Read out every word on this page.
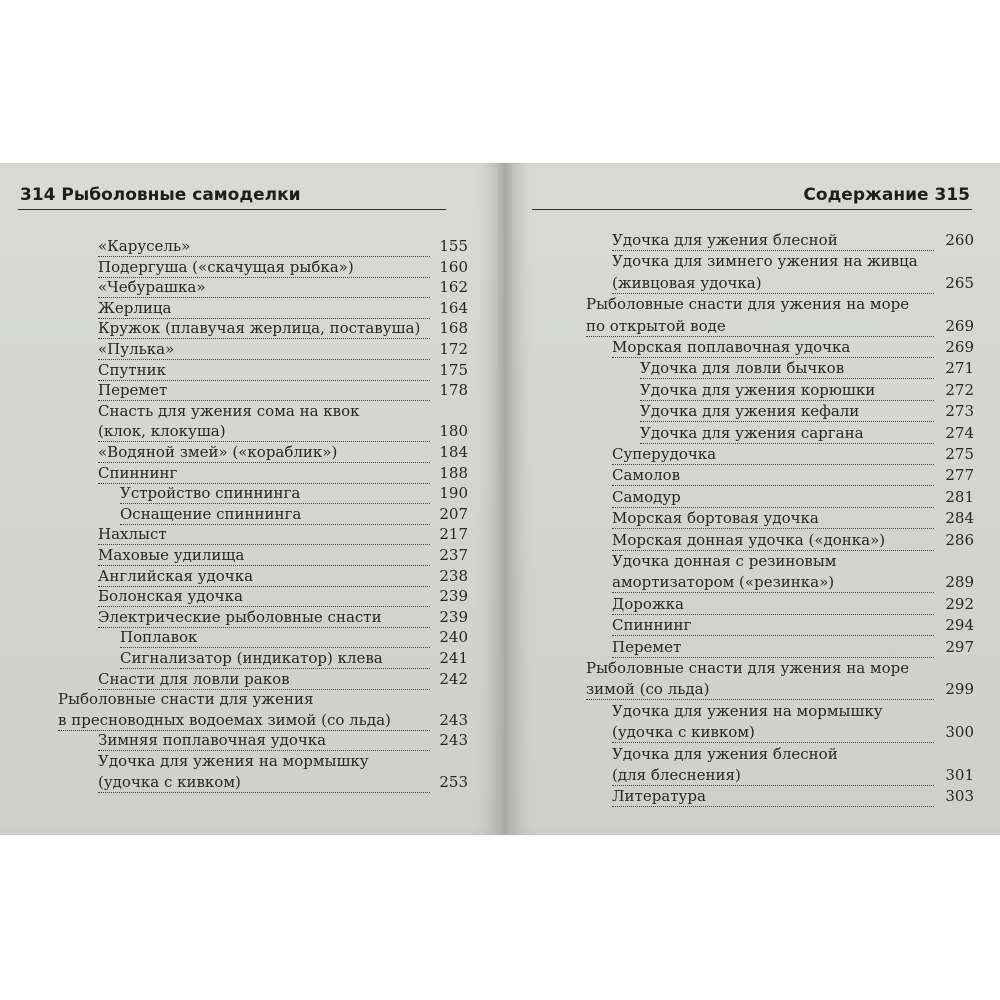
314 Рыболовные самоделки
«Карусель»	155
Подергуша («скачущая рыбка»)	160
«Чебурашка»	162
Жерлица	164
Кружок (плавучая жерлица, поставуша) 168
«Пулька»	172
Спутник	175
Перемет	178
Снасть для ужения сома на квок
(клок, клокуша)	180
«Водяной змей» («кораблик»)	184
Спиннинг	188
Устройство спиннинга	190
Оснащение спиннинга	207
Нахлыст	217
Маховые удилища	237
Английская удочка	238
Болонская удочка	239
Электрические рыболовные снасти	239
Поплавок	240
Сигнализатор (индикатор) клева	241
Снасти для ловли раков	242
Рыболовные снасти для ужения
в пресноводных водоемах зимой (со льда)	243
Зимняя поплавочная удочка	243
Удочка для ужения на мормышку
(удочка с кивком)	253
Содержание 315
Удочка для ужения блесной	260
Удочка для зимнего ужения на живца
(живцовая удочка)	265
Рыболовные снасти для ужения на море
по открытой воде	269
Морская поплавочная удочка	269
Удочка для ловли бычков	271
Удочка для ужения корюшки	272
Удочка для ужения кефали	273
Удочка для ужения саргана	274
Суперудочка	275
Самолов	277
Самодур	281
Морская бортовая удочка	284
Морская донная удочка («донка»)	286
Удочка донная с резиновым
амортизатором («резинка»)	289
Дорожка	292
Спиннинг	294
Перемет	297
Рыболовные снасти для ужения на море
зимой (со льда)	299
Удочка для ужения на мормышку
(удочка с кивком)	300
Удочка для ужения блесной
(для блеснения)	301
Литература	303
